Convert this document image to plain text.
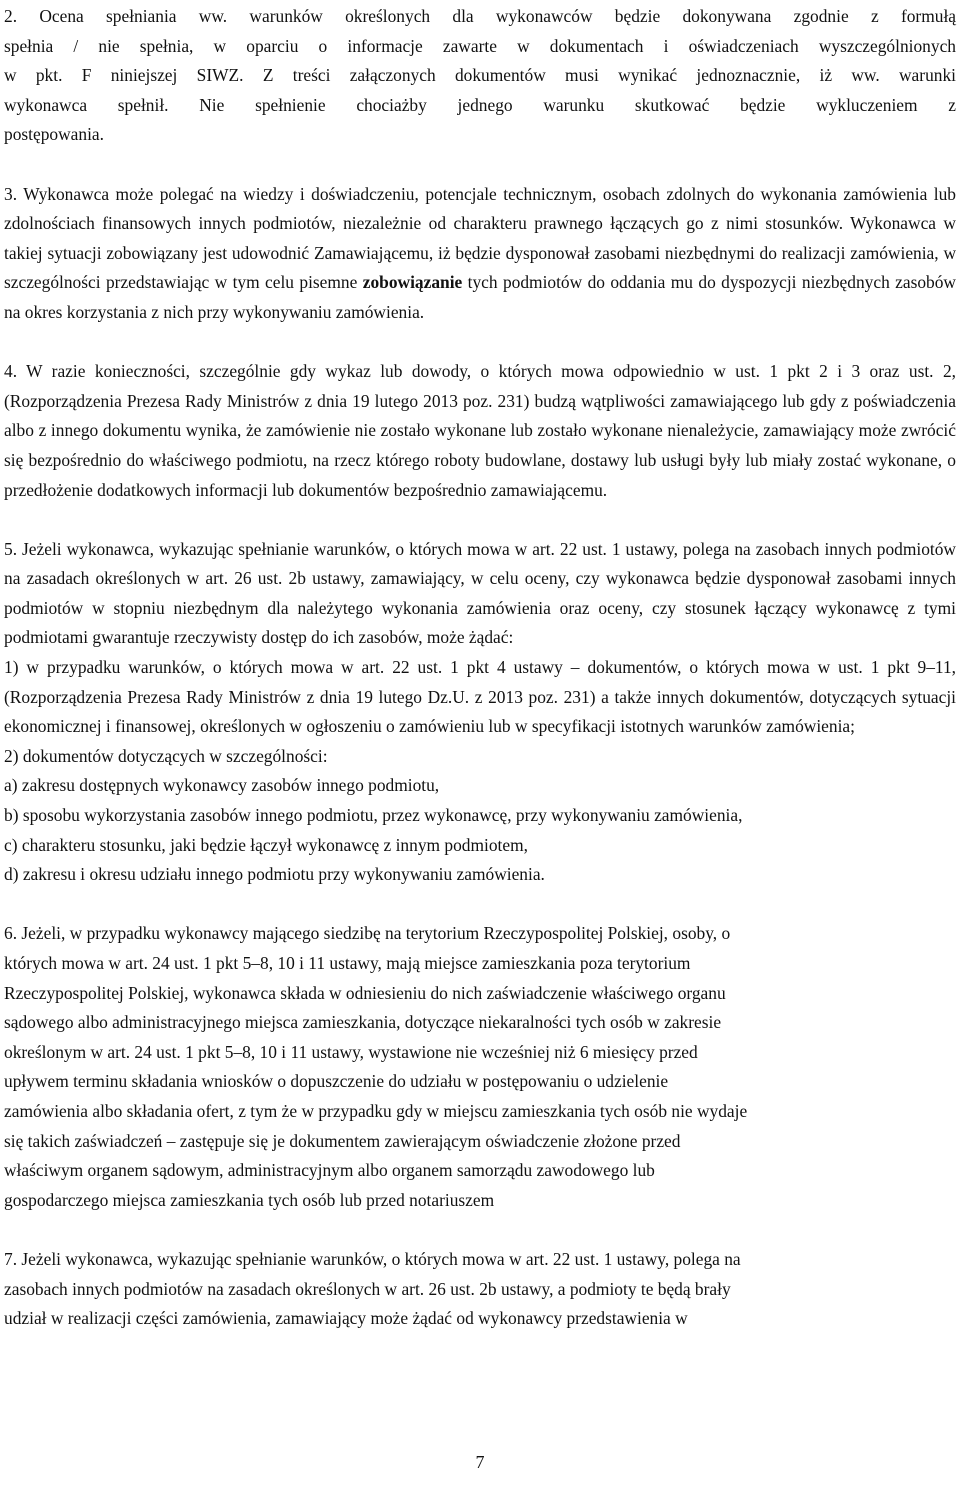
2. Ocena spełniania ww. warunków określonych dla wykonawców będzie dokonywana zgodnie z formułą
spełnia / nie spełnia, w oparciu o informacje zawarte w dokumentach i oświadczeniach wyszczególnionych
w pkt. F niniejszej SIWZ. Z treści załączonych dokumentów musi wynikać jednoznacznie, iż ww. warunki
wykonawca spełnił. Nie spełnienie chociażby jednego warunku skutkować będzie wykluczeniem z
postępowania.

3. Wykonawca może polegać na wiedzy i doświadczeniu, potencjale technicznym, osobach zdolnych do wykonania zamówienia lub zdolnościach finansowych innych podmiotów, niezależnie od charakteru prawnego łączących go z nimi stosunków. Wykonawca w takiej sytuacji zobowiązany jest udowodnić Zamawiającemu, iż będzie dysponował zasobami niezbędnymi do realizacji zamówienia, w szczególności przedstawiając w tym celu pisemne zobowiązanie tych podmiotów do oddania mu do dyspozycji niezbędnych zasobów na okres korzystania z nich przy wykonywaniu zamówienia.

4. W razie konieczności, szczególnie gdy wykaz lub dowody, o których mowa odpowiednio w ust. 1 pkt 2 i 3 oraz ust. 2, (Rozporządzenia Prezesa Rady Ministrów z dnia 19 lutego 2013 poz. 231) budzą wątpliwości zamawiającego lub gdy z poświadczenia albo z innego dokumentu wynika, że zamówienie nie zostało wykonane lub zostało wykonane nienależycie, zamawiający może zwrócić się bezpośrednio do właściwego podmiotu, na rzecz którego roboty budowlane, dostawy lub usługi były lub miały zostać wykonane, o przedłożenie dodatkowych informacji lub dokumentów bezpośrednio zamawiającemu.

5. Jeżeli wykonawca, wykazując spełnianie warunków, o których mowa w art. 22 ust. 1 ustawy, polega na zasobach innych podmiotów na zasadach określonych w art. 26 ust. 2b ustawy, zamawiający, w celu oceny, czy wykonawca będzie dysponował zasobami innych podmiotów w stopniu niezbędnym dla należytego wykonania zamówienia oraz oceny, czy stosunek łączący wykonawcę z tymi podmiotami gwarantuje rzeczywisty dostęp do ich zasobów, może żądać:
1) w przypadku warunków, o których mowa w art. 22 ust. 1 pkt 4 ustawy – dokumentów, o których mowa w ust. 1 pkt 9–11, (Rozporządzenia Prezesa Rady Ministrów z dnia 19 lutego Dz.U. z 2013 poz. 231) a także innych dokumentów, dotyczących sytuacji ekonomicznej i finansowej, określonych w ogłoszeniu o zamówieniu lub w specyfikacji istotnych warunków zamówienia;
2) dokumentów dotyczących w szczególności:
a) zakresu dostępnych wykonawcy zasobów innego podmiotu,
b) sposobu wykorzystania zasobów innego podmiotu, przez wykonawcę, przy wykonywaniu zamówienia,
c) charakteru stosunku, jaki będzie łączył wykonawcę z innym podmiotem,
d) zakresu i okresu udziału innego podmiotu przy wykonywaniu zamówienia.
6. Jeżeli, w przypadku wykonawcy mającego siedzibę na terytorium Rzeczypospolitej Polskiej, osoby, o
których mowa w art. 24 ust. 1 pkt 5–8, 10 i 11 ustawy, mają miejsce zamieszkania poza terytorium
Rzeczypospolitej Polskiej, wykonawca składa w odniesieniu do nich zaświadczenie właściwego organu
sądowego albo administracyjnego miejsca zamieszkania, dotyczące niekaralności tych osób w zakresie
określonym w art. 24 ust. 1 pkt 5–8, 10 i 11 ustawy, wystawione nie wcześniej niż 6 miesięcy przed
upływem terminu składania wniosków o dopuszczenie do udziału w postępowaniu o udzielenie
zamówienia albo składania ofert, z tym że w przypadku gdy w miejscu zamieszkania tych osób nie wydaje
się takich zaświadczeń – zastępuje się je dokumentem zawierającym oświadczenie złożone przed
właściwym organem sądowym, administracyjnym albo organem samorządu zawodowego lub
gospodarczego miejsca zamieszkania tych osób lub przed notariuszem
7. Jeżeli wykonawca, wykazując spełnianie warunków, o których mowa w art. 22 ust. 1 ustawy, polega na
zasobach innych podmiotów na zasadach określonych w art. 26 ust. 2b ustawy, a podmioty te będą brały
udział w realizacji części zamówienia, zamawiający może żądać od wykonawcy przedstawienia w
7
